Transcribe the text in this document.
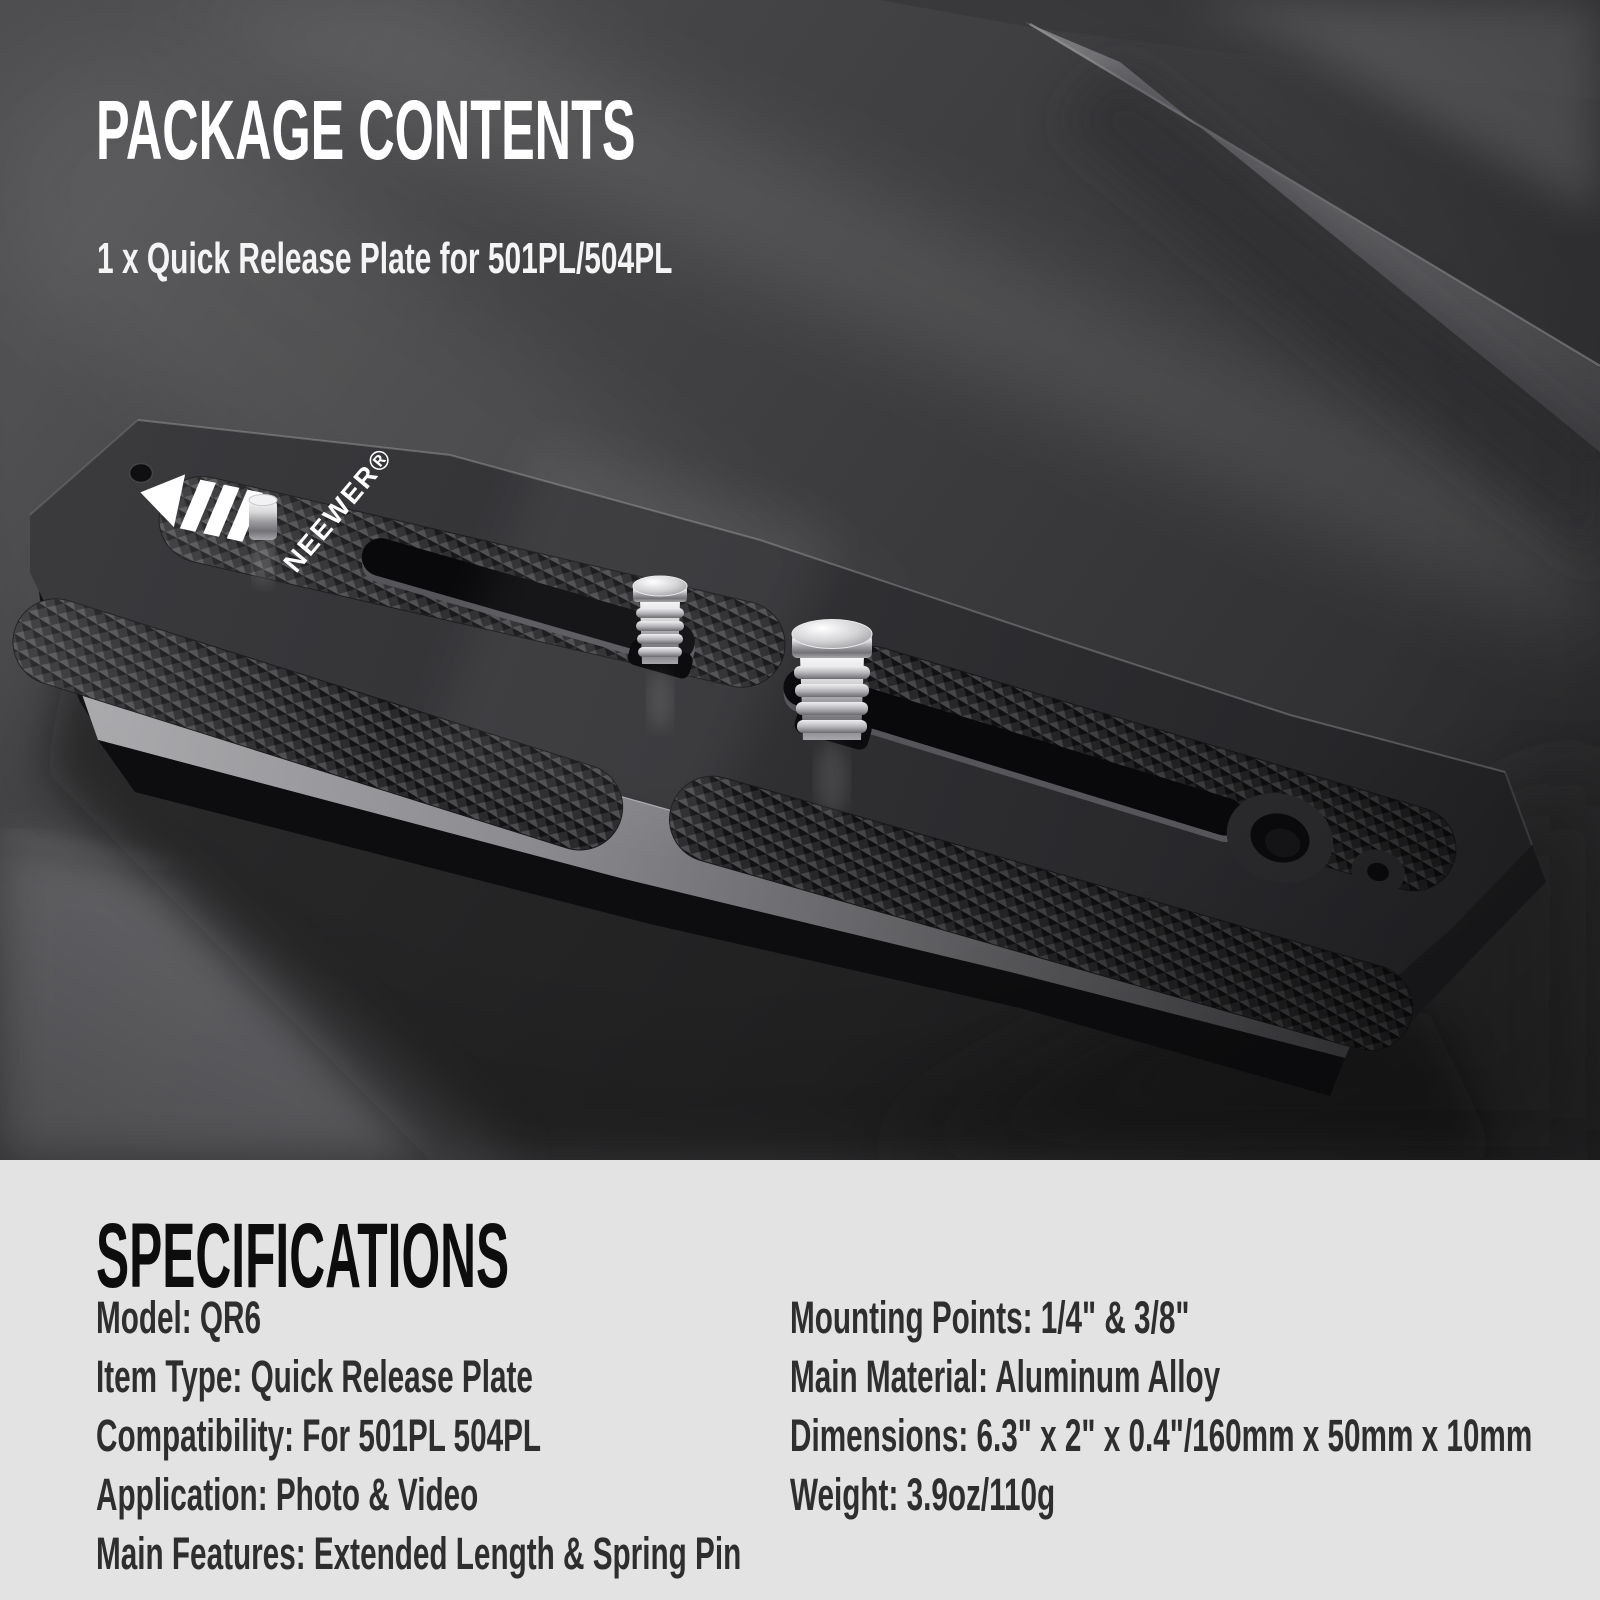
PACKAGE CONTENTS

1 x Quick Release Plate for 501PL/504PL

SPECIFICATIONS
Model: QR6
Item Type: Quick Release Plate
Compatibility: For 501PL 504PL
Application: Photo & Video
Main Features: Extended Length & Spring Pin
Mounting Points: 1/4" & 3/8"
Main Material: Aluminum Alloy
Dimensions: 6.3" x 2" x 0.4"/160mm x 50mm x 10mm
Weight: 3.9oz/110g
